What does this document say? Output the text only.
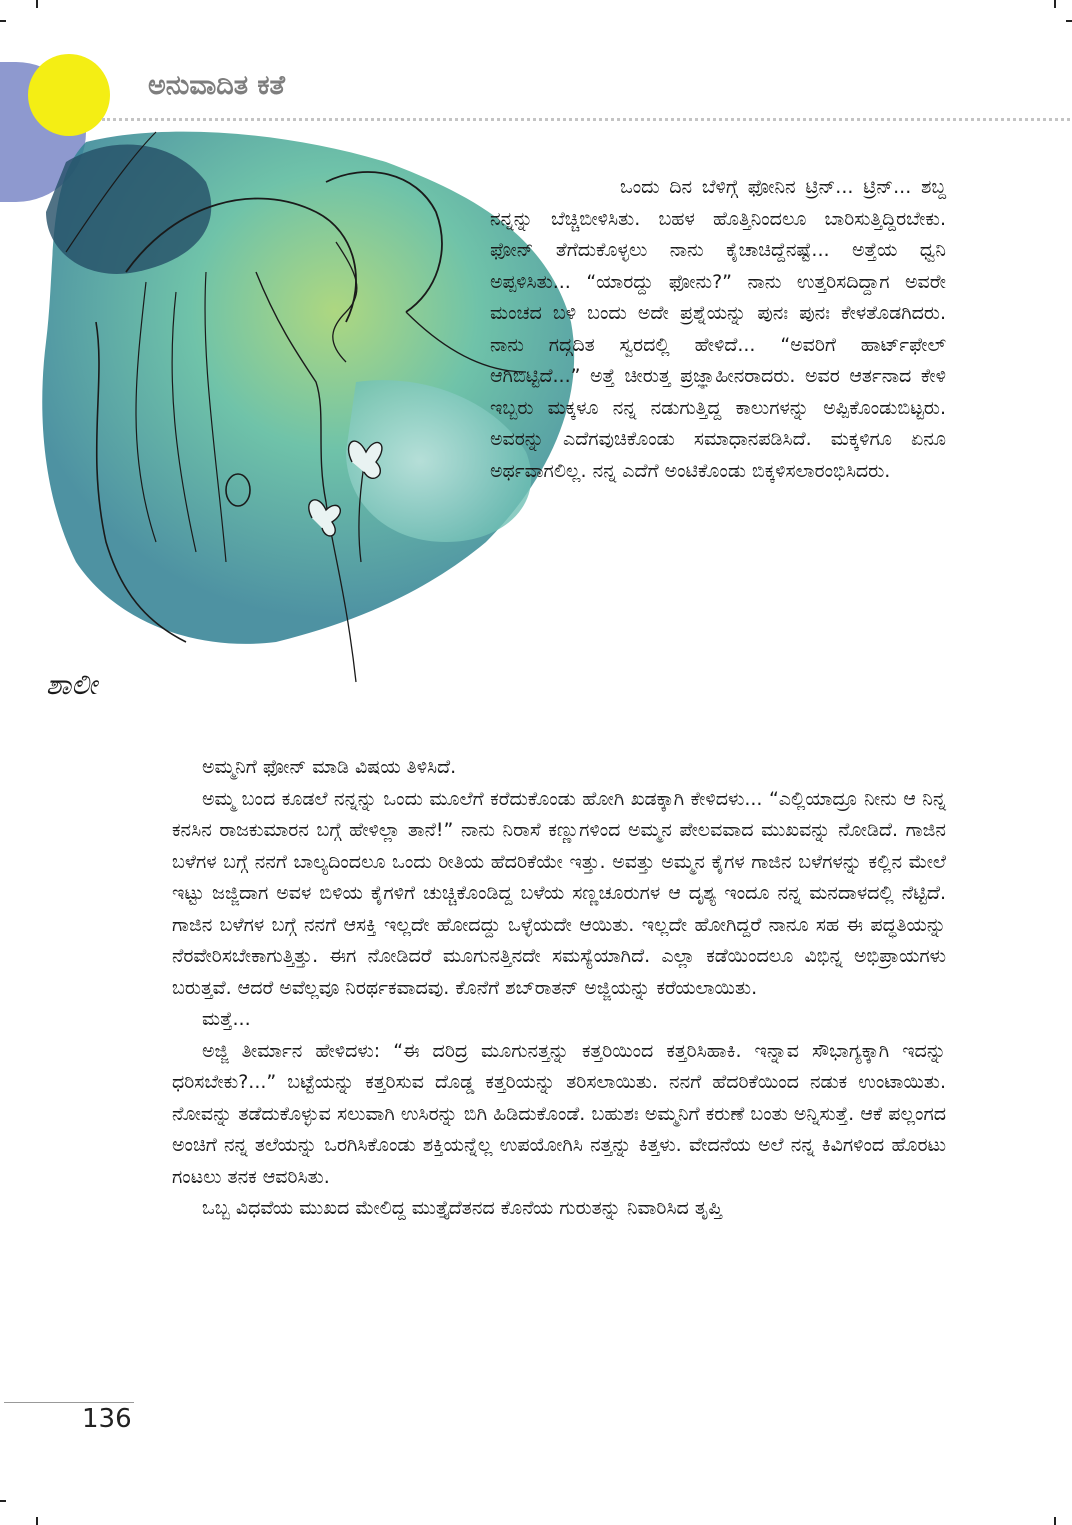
ಅನುವಾದಿತ ಕತೆ
ಶಾಲೀ
ಒಂದು ದಿನ ಬೆಳಿಗ್ಗೆ ಫೋನಿನ ಟ್ರಿನ್... ಟ್ರಿನ್... ಶಬ್ದ ನನ್ನನ್ನು ಬೆಚ್ಚಿಬೀಳಿಸಿತು. ಬಹಳ ಹೊತ್ತಿನಿಂದಲೂ ಬಾರಿಸುತ್ತಿದ್ದಿರಬೇಕು. ಫೋನ್ ತೆಗೆದುಕೊಳ್ಳಲು ನಾನು ಕೈಚಾಚಿದ್ದೆನಷ್ಟೆ... ಅತ್ತೆಯ ಧ್ವನಿ ಅಪ್ಪಳಿಸಿತು... “ಯಾರದ್ದು ಫೋನು?” ನಾನು ಉತ್ತರಿಸದಿದ್ದಾಗ ಅವರೇ ಮಂಚದ ಬಳಿ ಬಂದು ಅದೇ ಪ್ರಶ್ನೆಯನ್ನು ಪುನಃ ಪುನಃ ಕೇಳತೊಡಗಿದರು. ನಾನು ಗದ್ಗದಿತ ಸ್ವರದಲ್ಲಿ ಹೇಳಿದೆ... “ಅವರಿಗೆ ಹಾರ್ಟ್‌ಫೇಲ್ ಆಗಿಬಿಟ್ಟಿದೆ...” ಅತ್ತೆ ಚೀರುತ್ತ ಪ್ರಜ್ಞಾಹೀನರಾದರು. ಅವರ ಆರ್ತನಾದ ಕೇಳಿ ಇಬ್ಬರು ಮಕ್ಕಳೂ ನನ್ನ ನಡುಗುತ್ತಿದ್ದ ಕಾಲುಗಳನ್ನು ಅಪ್ಪಿಕೊಂಡುಬಿಟ್ಟರು. ಅವರನ್ನು ಎದೆಗವುಚಿಕೊಂಡು ಸಮಾಧಾನಪಡಿಸಿದೆ. ಮಕ್ಕಳಿಗೂ ಏನೂ ಅರ್ಥವಾಗಲಿಲ್ಲ. ನನ್ನ ಎದೆಗೆ ಅಂಟಿಕೊಂಡು ಬಿಕ್ಕಳಿಸಲಾರಂಭಿಸಿದರು.

ಅಮ್ಮನಿಗೆ ಫೋನ್ ಮಾಡಿ ವಿಷಯ ತಿಳಿಸಿದೆ.

ಅಮ್ಮ ಬಂದ ಕೂಡಲೆ ನನ್ನನ್ನು ಒಂದು ಮೂಲೆಗೆ ಕರೆದುಕೊಂಡು ಹೋಗಿ ಖಡಕ್ಕಾಗಿ ಕೇಳಿದಳು... “ಎಲ್ಲಿಯಾದ್ರೂ ನೀನು ಆ ನಿನ್ನ ಕನಸಿನ ರಾಜಕುಮಾರನ ಬಗ್ಗೆ ಹೇಳಿಲ್ಲಾ ತಾನೆ!” ನಾನು ನಿರಾಸೆ ಕಣ್ಣುಗಳಿಂದ ಅಮ್ಮನ ಪೇಲವವಾದ ಮುಖವನ್ನು ನೋಡಿದೆ. ಗಾಜಿನ ಬಳೆಗಳ ಬಗ್ಗೆ ನನಗೆ ಬಾಲ್ಯದಿಂದಲೂ ಒಂದು ರೀತಿಯ ಹೆದರಿಕೆಯೇ ಇತ್ತು. ಅವತ್ತು ಅಮ್ಮನ ಕೈಗಳ ಗಾಜಿನ ಬಳೆಗಳನ್ನು ಕಲ್ಲಿನ ಮೇಲೆ ಇಟ್ಟು ಜಜ್ಜಿದಾಗ ಅವಳ ಬಿಳಿಯ ಕೈಗಳಿಗೆ ಚುಚ್ಚಿಕೊಂಡಿದ್ದ ಬಳೆಯ ಸಣ್ಣಚೂರುಗಳ ಆ ದೃಶ್ಯ ಇಂದೂ ನನ್ನ ಮನದಾಳದಲ್ಲಿ ನೆಟ್ಟಿದೆ. ಗಾಜಿನ ಬಳೆಗಳ ಬಗ್ಗೆ ನನಗೆ ಆಸಕ್ತಿ ಇಲ್ಲದೇ ಹೋದದ್ದು ಒಳ್ಳೆಯದೇ ಆಯಿತು. ಇಲ್ಲದೇ ಹೋಗಿದ್ದರೆ ನಾನೂ ಸಹ ಈ ಪದ್ಧತಿಯನ್ನು ನೆರವೇರಿಸಬೇಕಾಗುತ್ತಿತ್ತು. ಈಗ ನೋಡಿದರೆ ಮೂಗುನತ್ತಿನದೇ ಸಮಸ್ಯೆಯಾಗಿದೆ. ಎಲ್ಲಾ ಕಡೆಯಿಂದಲೂ ವಿಭಿನ್ನ ಅಭಿಪ್ರಾಯಗಳು ಬರುತ್ತವೆ. ಆದರೆ ಅವೆಲ್ಲವೂ ನಿರರ್ಥಕವಾದವು. ಕೊನೆಗೆ ಶಬ್‌ರಾತನ್ ಅಜ್ಜಿಯನ್ನು ಕರೆಯಲಾಯಿತು.

ಮತ್ತೆ...

ಅಜ್ಜಿ ತೀರ್ಮಾನ ಹೇಳಿದಳು: “ಈ ದರಿದ್ರ ಮೂಗುನತ್ತನ್ನು ಕತ್ತರಿಯಿಂದ ಕತ್ತರಿಸಿಹಾಕಿ. ಇನ್ನಾವ ಸೌಭಾಗ್ಯಕ್ಕಾಗಿ ಇದನ್ನು ಧರಿಸಬೇಕು?...” ಬಟ್ಟೆಯನ್ನು ಕತ್ತರಿಸುವ ದೊಡ್ಡ ಕತ್ತರಿಯನ್ನು ತರಿಸಲಾಯಿತು. ನನಗೆ ಹೆದರಿಕೆಯಿಂದ ನಡುಕ ಉಂಟಾಯಿತು. ನೋವನ್ನು ತಡೆದುಕೊಳ್ಳುವ ಸಲುವಾಗಿ ಉಸಿರನ್ನು ಬಿಗಿ ಹಿಡಿದುಕೊಂಡೆ. ಬಹುಶಃ ಅಮ್ಮನಿಗೆ ಕರುಣೆ ಬಂತು ಅನ್ನಿಸುತ್ತೆ. ಆಕೆ ಪಲ್ಲಂಗದ ಅಂಚಿಗೆ ನನ್ನ ತಲೆಯನ್ನು ಒರಗಿಸಿಕೊಂಡು ಶಕ್ತಿಯನ್ನೆಲ್ಲ ಉಪಯೋಗಿಸಿ ನತ್ತನ್ನು ಕಿತ್ತಳು. ವೇದನೆಯ ಅಲೆ ನನ್ನ ಕಿವಿಗಳಿಂದ ಹೊರಟು ಗಂಟಲು ತನಕ ಆವರಿಸಿತು.

ಒಬ್ಬ ವಿಧವೆಯ ಮುಖದ ಮೇಲಿದ್ದ ಮುತ್ತೈದೆತನದ ಕೊನೆಯ ಗುರುತನ್ನು ನಿವಾರಿಸಿದ ತೃಪ್ತಿ

136
